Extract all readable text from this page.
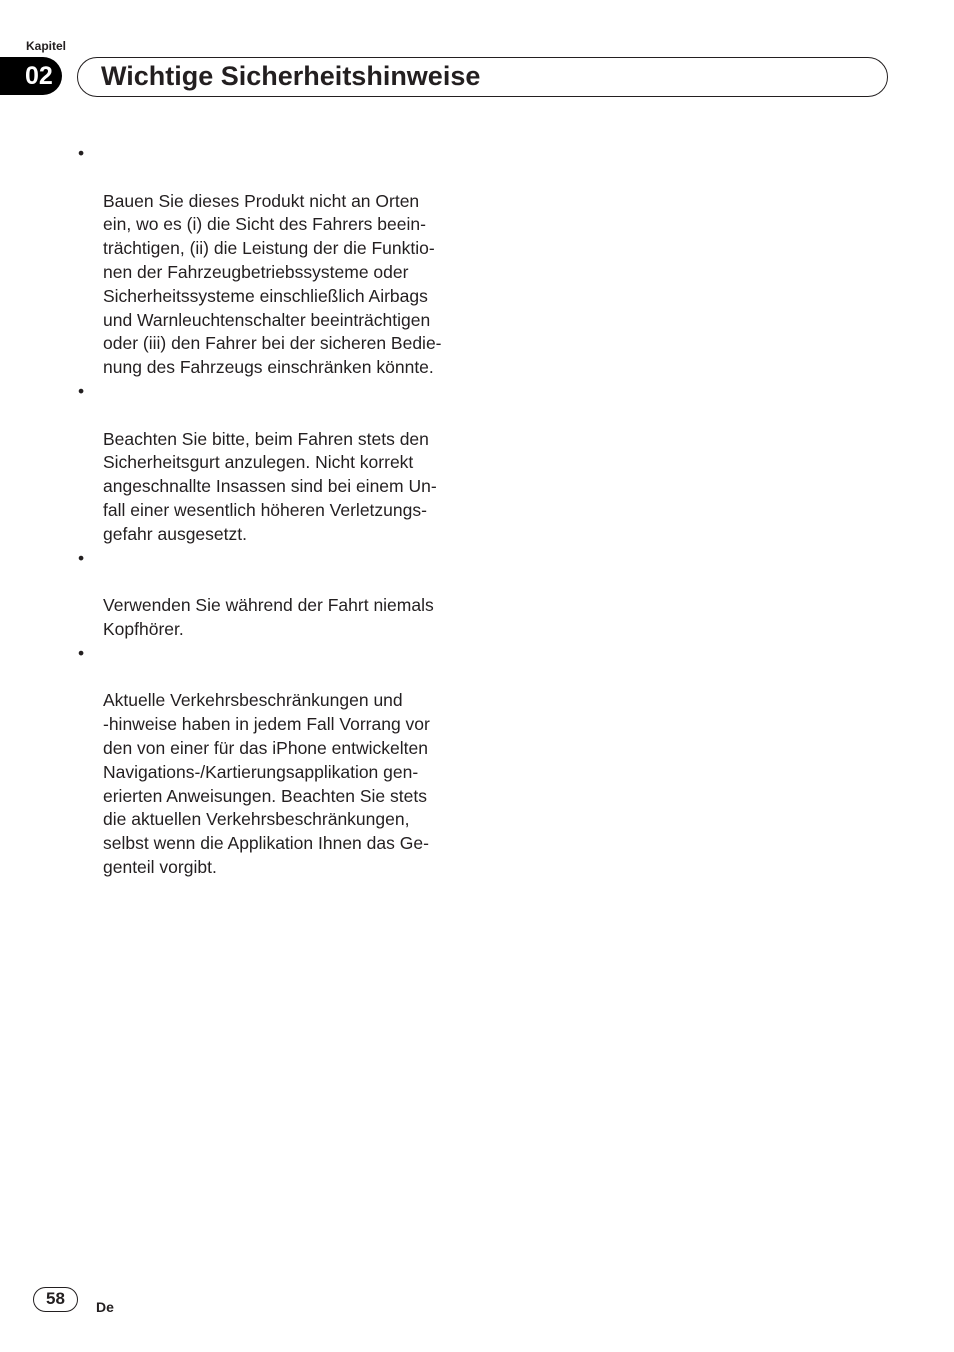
Kapitel
02	Wichtige Sicherheitshinweise

•

Bauen Sie dieses Produkt nicht an Orten
ein, wo es (i) die Sicht des Fahrers beein-
trächtigen, (ii) die Leistung der die Funktio-
nen der Fahrzeugbetriebssysteme oder
Sicherheitssysteme einschließlich Airbags
und Warnleuchtenschalter beeinträchtigen
oder (iii) den Fahrer bei der sicheren Bedie-
nung des Fahrzeugs einschränken könnte.

•

Beachten Sie bitte, beim Fahren stets den
Sicherheitsgurt anzulegen. Nicht korrekt
angeschnallte Insassen sind bei einem Un-
fall einer wesentlich höheren Verletzungs-
gefahr ausgesetzt.

•

Verwenden Sie während der Fahrt niemals
Kopfhörer.

•

Aktuelle Verkehrsbeschränkungen und
-hinweise haben in jedem Fall Vorrang vor
den von einer für das iPhone entwickelten
Navigations-/Kartierungsapplikation gen-
erierten Anweisungen. Beachten Sie stets
die aktuellen Verkehrsbeschränkungen,
selbst wenn die Applikation Ihnen das Ge-
genteil vorgibt.

58	De
